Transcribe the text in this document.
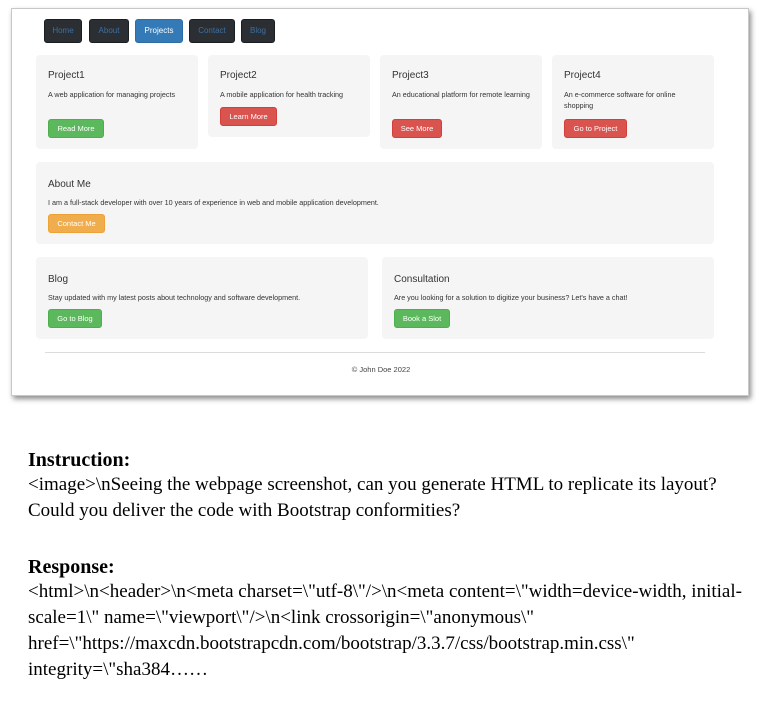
Home	About	Projects	Contact	Blog
Project1
A web application for managing projects
Read More
Project2
A mobile application for health tracking
Learn More
Project3
An educational platform for remote learning
See More
Project4
An e-commerce software for online shopping
Go to Project
About Me
I am a full-stack developer with over 10 years of experience in web and mobile application development.
Contact Me
Blog
Stay updated with my latest posts about technology and software development.
Go to Blog
Consultation
Are you looking for a solution to digitize your business? Let's have a chat!
Book a Slot
© John Doe 2022
Instruction:
<image>\nSeeing the webpage screenshot, can you generate HTML to replicate its layout? Could you deliver the code with Bootstrap conformities?
Response:
<html>\n<header>\n<meta charset=\"utf-8\"/>\n<meta content=\"width=device-width, initial-scale=1\" name=\"viewport\"/>\n<link crossorigin=\"anonymous\" href=\"https://maxcdn.bootstrapcdn.com/bootstrap/3.3.7/css/bootstrap.min.css\" integrity=\"sha384……
